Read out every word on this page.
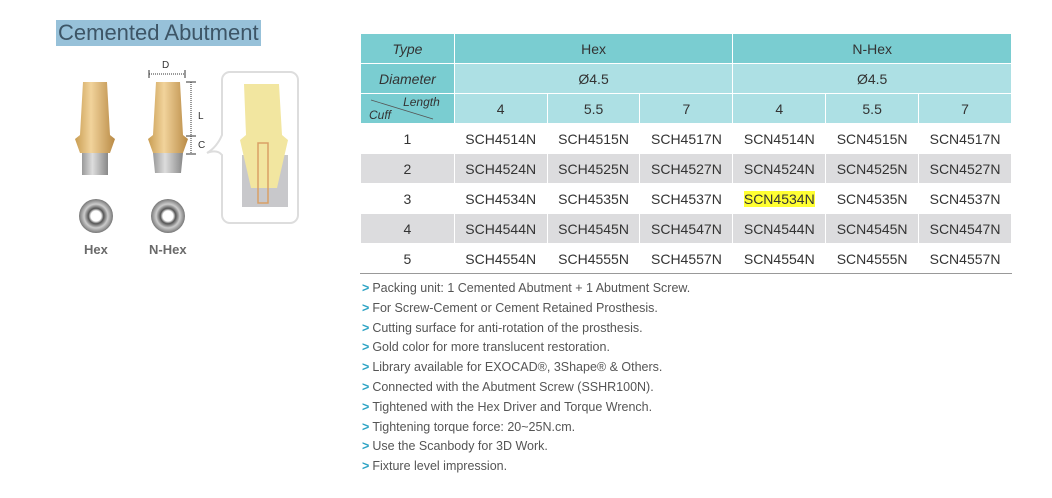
Cemented Abutment
D
L
C
Hex	N-Hex
Type	Hex			N-Hex		
Diameter	Ø4.5			Ø4.5		

Length
Cuff	4	5.5	7	4	5.5	7
1	SCH4514N	SCH4515N	SCH4517N	SCN4514N	SCN4515N	SCN4517N
2	SCH4524N	SCH4525N	SCH4527N	SCN4524N	SCN4525N	SCN4527N
3	SCH4534N	SCH4535N	SCH4537N	SCN4534N	SCN4535N	SCN4537N
4	SCH4544N	SCH4545N	SCH4547N	SCN4544N	SCN4545N	SCN4547N
5	SCH4554N	SCH4555N	SCH4557N	SCN4554N	SCN4555N	SCN4557N
> Packing unit: 1 Cemented Abutment + 1 Abutment Screw.
> For Screw-Cement or Cement Retained Prosthesis.
> Cutting surface for anti-rotation of the prosthesis.
> Gold color for more translucent restoration.
> Library available for EXOCAD®, 3Shape® & Others.
> Connected with the Abutment Screw (SSHR100N).
> Tightened with the Hex Driver and Torque Wrench.
> Tightening torque force: 20~25N.cm.
> Use the Scanbody for 3D Work.
> Fixture level impression.
